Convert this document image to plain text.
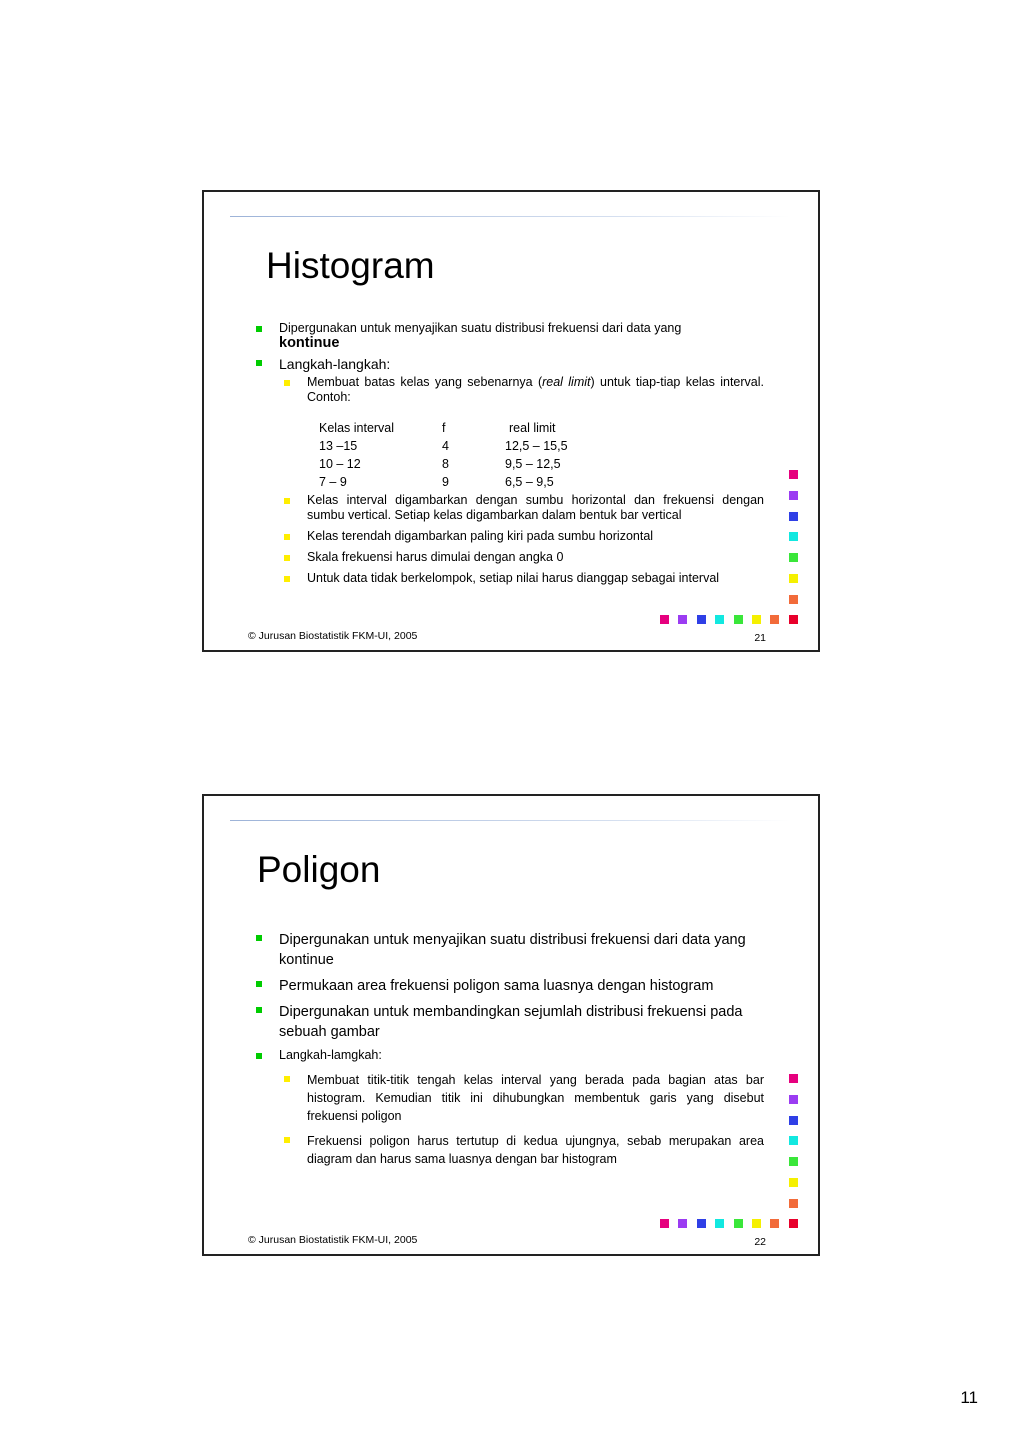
Histogram
Dipergunakan untuk menyajikan suatu distribusi frekuensi dari data yang
kontinue
Langkah-langkah:
Membuat batas kelas yang sebenarnya (real limit) untuk tiap-tiap kelas interval. Contoh:
Kelas interval	f	real limit
13 –15	4	12,5 – 15,5
10 – 12	8	9,5 – 12,5
7 – 9	9	6,5 – 9,5
Kelas interval digambarkan dengan sumbu horizontal dan frekuensi dengan sumbu vertical. Setiap kelas digambarkan dalam bentuk bar vertical
Kelas terendah digambarkan paling kiri pada sumbu horizontal
Skala frekuensi harus dimulai dengan angka 0
Untuk data tidak berkelompok, setiap nilai harus dianggap sebagai interval
© Jurusan Biostatistik FKM-UI, 2005	21
Poligon
Dipergunakan untuk menyajikan suatu distribusi frekuensi dari data yang kontinue
Permukaan area frekuensi poligon sama luasnya dengan histogram
Dipergunakan untuk membandingkan sejumlah distribusi frekuensi pada sebuah gambar
Langkah-lamgkah:
Membuat titik-titik tengah kelas interval yang berada pada bagian atas bar histogram. Kemudian titik ini dihubungkan membentuk garis yang disebut frekuensi poligon
Frekuensi poligon harus tertutup di kedua ujungnya, sebab merupakan area diagram dan harus sama luasnya dengan bar histogram
© Jurusan Biostatistik FKM-UI, 2005	22
11
